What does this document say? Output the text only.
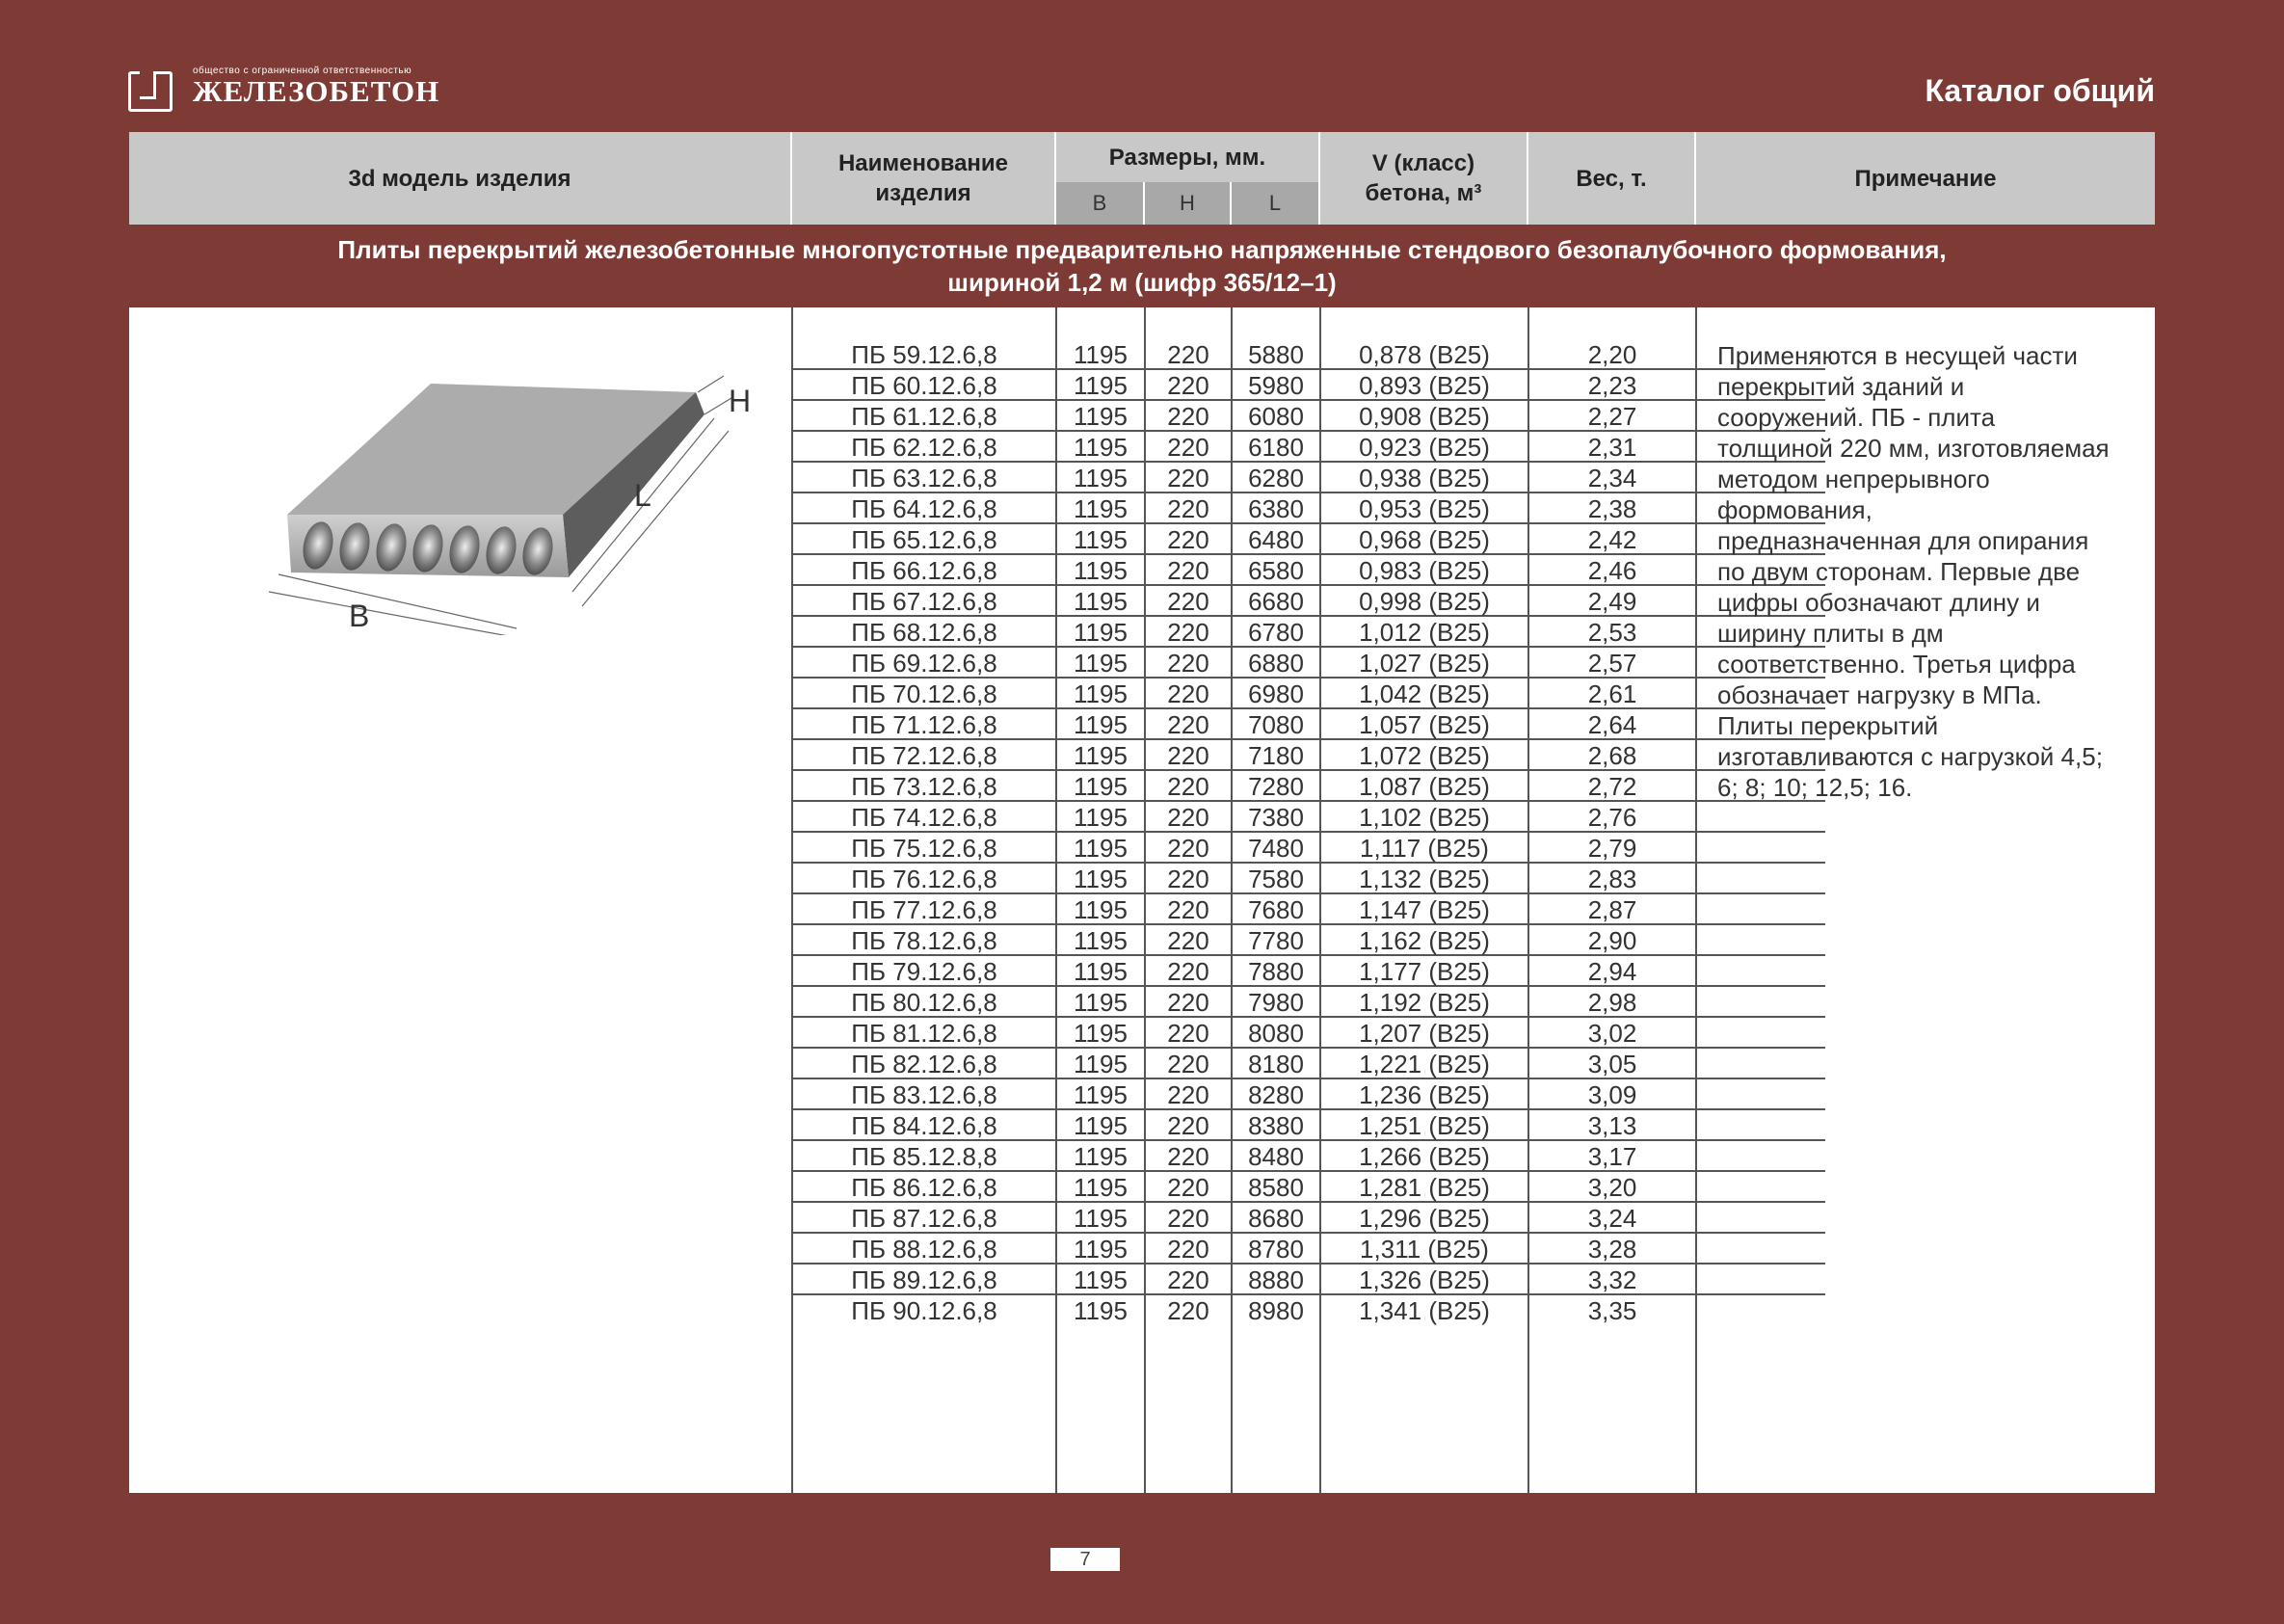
общество с ограниченной ответственностью
ЖЕЛЕЗОБЕТОН	Каталог общий
3d модель изделия
Наименование
изделия
Размеры, мм.
B	H	L
V (класс)
бетона, м³
Вес, т.	Примечание
Плиты перекрытий железобетонные многопустотные предварительно напряженные стендового безопалубочного формования,
шириной 1,2 м (шифр 365/12–1)
H
L
B
ПБ 59.12.6,8	1195	220	5880	0,878 (B25)	2,20
ПБ 60.12.6,8	1195	220	5980	0,893 (B25)	2,23
ПБ 61.12.6,8	1195	220	6080	0,908 (B25)	2,27
ПБ 62.12.6,8	1195	220	6180	0,923 (B25)	2,31
ПБ 63.12.6,8	1195	220	6280	0,938 (B25)	2,34
ПБ 64.12.6,8	1195	220	6380	0,953 (B25)	2,38
ПБ 65.12.6,8	1195	220	6480	0,968 (B25)	2,42
ПБ 66.12.6,8	1195	220	6580	0,983 (B25)	2,46
ПБ 67.12.6,8	1195	220	6680	0,998 (B25)	2,49
ПБ 68.12.6,8	1195	220	6780	1,012 (B25)	2,53
ПБ 69.12.6,8	1195	220	6880	1,027 (B25)	2,57
ПБ 70.12.6,8	1195	220	6980	1,042 (B25)	2,61
ПБ 71.12.6,8	1195	220	7080	1,057 (B25)	2,64
ПБ 72.12.6,8	1195	220	7180	1,072 (B25)	2,68
ПБ 73.12.6,8	1195	220	7280	1,087 (B25)	2,72
ПБ 74.12.6,8	1195	220	7380	1,102 (B25)	2,76
ПБ 75.12.6,8	1195	220	7480	1,117 (B25)	2,79
ПБ 76.12.6,8	1195	220	7580	1,132 (B25)	2,83
ПБ 77.12.6,8	1195	220	7680	1,147 (B25)	2,87
ПБ 78.12.6,8	1195	220	7780	1,162 (B25)	2,90
ПБ 79.12.6,8	1195	220	7880	1,177 (B25)	2,94
ПБ 80.12.6,8	1195	220	7980	1,192 (B25)	2,98
ПБ 81.12.6,8	1195	220	8080	1,207 (B25)	3,02
ПБ 82.12.6,8	1195	220	8180	1,221 (B25)	3,05
ПБ 83.12.6,8	1195	220	8280	1,236 (B25)	3,09
ПБ 84.12.6,8	1195	220	8380	1,251 (B25)	3,13
ПБ 85.12.8,8	1195	220	8480	1,266 (B25)	3,17
ПБ 86.12.6,8	1195	220	8580	1,281 (B25)	3,20
ПБ 87.12.6,8	1195	220	8680	1,296 (B25)	3,24
ПБ 88.12.6,8	1195	220	8780	1,311 (B25)	3,28
ПБ 89.12.6,8	1195	220	8880	1,326 (B25)	3,32
ПБ 90.12.6,8	1195	220	8980	1,341 (B25)	3,35
Применяются в несущей части
перекрытий зданий и
сооружений. ПБ - плита
толщиной 220 мм, изготовляемая
методом непрерывного
формования,
предназначенная для опирания
по двум сторонам. Первые две
цифры обозначают длину и
ширину плиты в дм
соответственно. Третья цифра
обозначает нагрузку в МПа.
Плиты перекрытий
изготавливаются с нагрузкой 4,5;
6; 8; 10; 12,5; 16.
7
